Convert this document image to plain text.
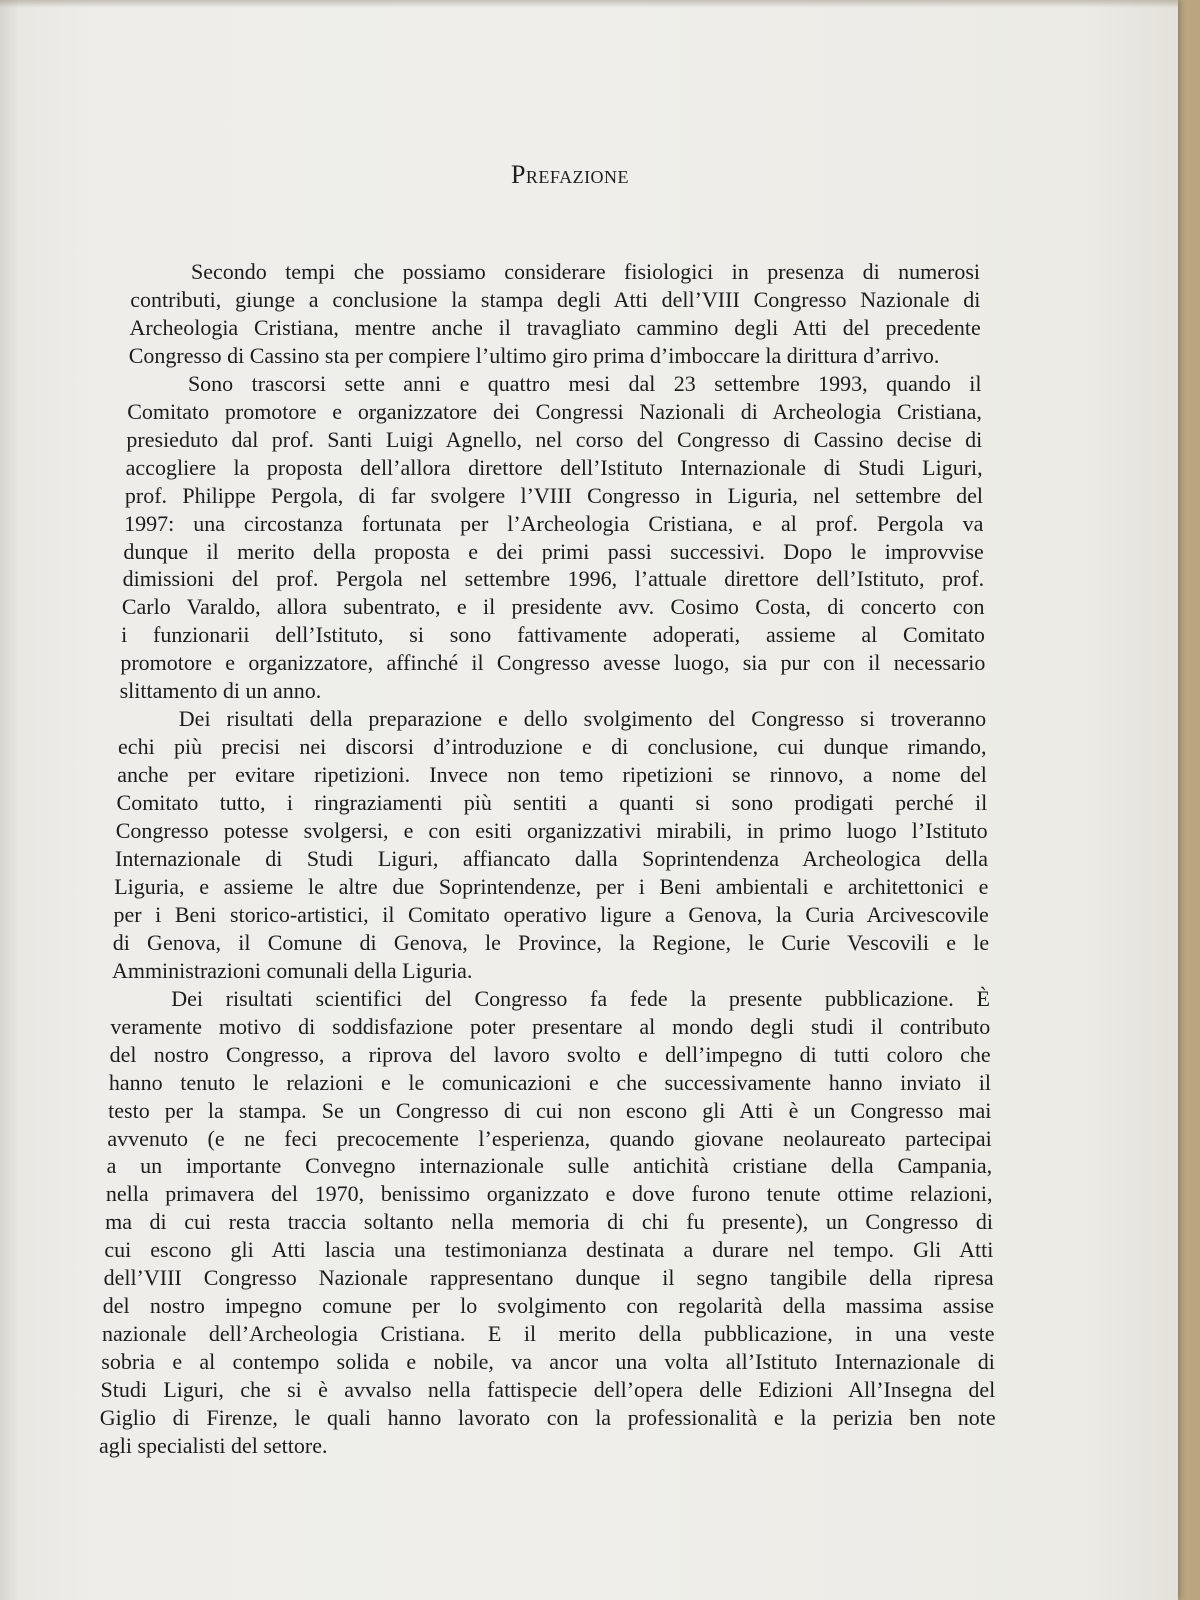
Prefazione
Secondo tempi che possiamo considerare fisiologici in presenza di numerosi
contributi, giunge a conclusione la stampa degli Atti dell’VIII Congresso Nazionale di
Archeologia Cristiana, mentre anche il travagliato cammino degli Atti del precedente
Congresso di Cassino sta per compiere l’ultimo giro prima d’imboccare la dirittura d’arrivo.
Sono trascorsi sette anni e quattro mesi dal 23 settembre 1993, quando il
Comitato promotore e organizzatore dei Congressi Nazionali di Archeologia Cristiana,
presieduto dal prof. Santi Luigi Agnello, nel corso del Congresso di Cassino decise di
accogliere la proposta dell’allora direttore dell’Istituto Internazionale di Studi Liguri,
prof. Philippe Pergola, di far svolgere l’VIII Congresso in Liguria, nel settembre del
1997: una circostanza fortunata per l’Archeologia Cristiana, e al prof. Pergola va
dunque il merito della proposta e dei primi passi successivi. Dopo le improvvise
dimissioni del prof. Pergola nel settembre 1996, l’attuale direttore dell’Istituto, prof.
Carlo Varaldo, allora subentrato, e il presidente avv. Cosimo Costa, di concerto con
i funzionarii dell’Istituto, si sono fattivamente adoperati, assieme al Comitato
promotore e organizzatore, affinché il Congresso avesse luogo, sia pur con il necessario
slittamento di un anno.
Dei risultati della preparazione e dello svolgimento del Congresso si troveranno
echi più precisi nei discorsi d’introduzione e di conclusione, cui dunque rimando,
anche per evitare ripetizioni. Invece non temo ripetizioni se rinnovo, a nome del
Comitato tutto, i ringraziamenti più sentiti a quanti si sono prodigati perché il
Congresso potesse svolgersi, e con esiti organizzativi mirabili, in primo luogo l’Istituto
Internazionale di Studi Liguri, affiancato dalla Soprintendenza Archeologica della
Liguria, e assieme le altre due Soprintendenze, per i Beni ambientali e architettonici e
per i Beni storico-artistici, il Comitato operativo ligure a Genova, la Curia Arcivescovile
di Genova, il Comune di Genova, le Province, la Regione, le Curie Vescovili e le
Amministrazioni comunali della Liguria.
Dei risultati scientifici del Congresso fa fede la presente pubblicazione. È
veramente motivo di soddisfazione poter presentare al mondo degli studi il contributo
del nostro Congresso, a riprova del lavoro svolto e dell’impegno di tutti coloro che
hanno tenuto le relazioni e le comunicazioni e che successivamente hanno inviato il
testo per la stampa. Se un Congresso di cui non escono gli Atti è un Congresso mai
avvenuto (e ne feci precocemente l’esperienza, quando giovane neolaureato partecipai
a un importante Convegno internazionale sulle antichità cristiane della Campania,
nella primavera del 1970, benissimo organizzato e dove furono tenute ottime relazioni,
ma di cui resta traccia soltanto nella memoria di chi fu presente), un Congresso di
cui escono gli Atti lascia una testimonianza destinata a durare nel tempo. Gli Atti
dell’VIII Congresso Nazionale rappresentano dunque il segno tangibile della ripresa
del nostro impegno comune per lo svolgimento con regolarità della massima assise
nazionale dell’Archeologia Cristiana. E il merito della pubblicazione, in una veste
sobria e al contempo solida e nobile, va ancor una volta all’Istituto Internazionale di
Studi Liguri, che si è avvalso nella fattispecie dell’opera delle Edizioni All’Insegna del
Giglio di Firenze, le quali hanno lavorato con la professionalità e la perizia ben note
agli specialisti del settore.
